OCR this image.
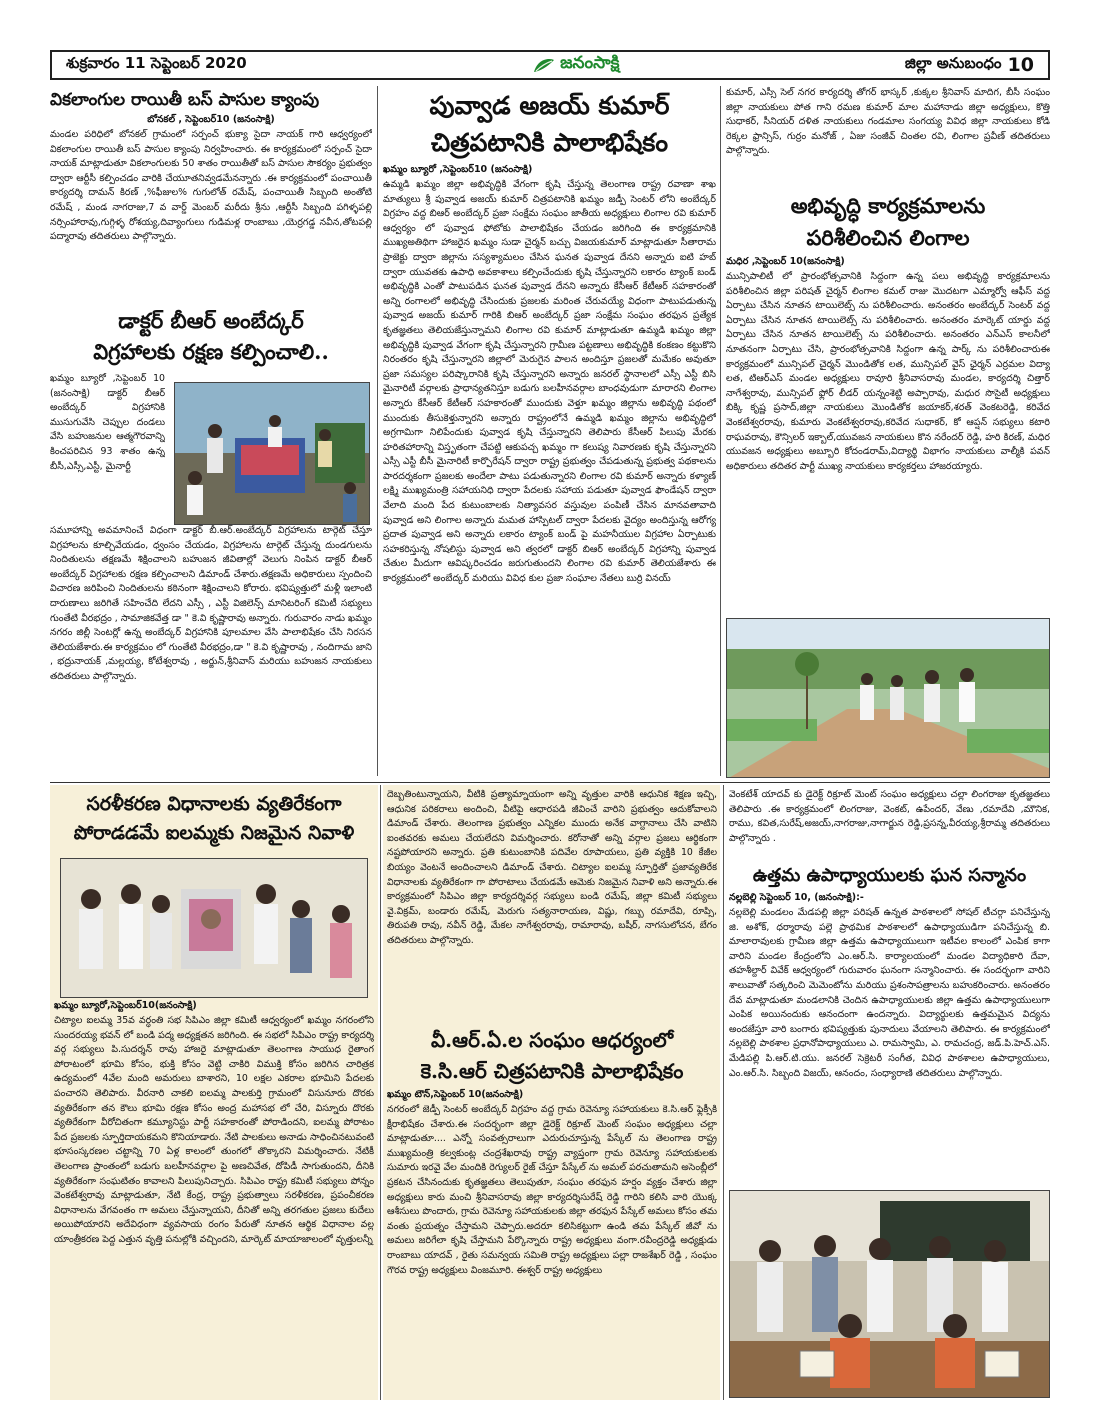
శుక్రవారం 11 సెప్టెంబర్ 2020	జనంసాక్షి	జిల్లా అనుబంధం 10
వికలాంగుల రాయితీ బస్ పాసుల క్యాంపు
బోనకల్ , సెప్టెంబర్10 (జనంసాక్షి)
మండల పరిధిలో బోనకల్ గ్రామంలో సర్పంచ్ భుక్యా సైదా నాయక్ గారి ఆధ్వర్యంలో వికలాంగుల రాయితీ బస్ పాసుల క్యాంపు నిర్వహించారు. ఈ కార్యక్రమంలో సర్పంచ్ సైదా నాయక్ మాట్లాడుతూ వికలాంగులకు 50 శాతం రాయితీతో బస్ పాసుల సౌకర్యం ప్రభుత్వం ద్వారా ఆర్టీసీ కల్పించడం వారికి చేయూతనివ్వడమేనన్నారు .ఈ కార్యక్రమంలో పంచాయితీ కార్యదర్శి దామన్ కిరణ్ ,%ఫీజుల% గుగులోత్ రమేష్, పంచాయితీ సిబ్బంది అంతోటి రమేష్ , మండ నాగరాజు,7 వ వార్డ్ మెంబర్ మరీదు శ్రీను ,ఆర్టీసీ సిబ్బంది పగిళ్ళపల్లి నర్సింహారావు,గుగ్గిళ్ళ రోశయ్య,దివ్యాంగులు గుడిమళ్ల రాంబాబు ,యెర్రగడ్డ నవీన,తోటపల్లి పద్మారావు తదితరులు పాల్గొన్నారు.
డాక్టర్ బీఆర్ అంబేద్కర్
విగ్రహాలకు రక్షణ కల్పించాలి..
ఖమ్మం బ్యూరో ,సెప్టెంబర్ 10 (జనంసాక్షి) డాక్టర్ బీఆర్ అంబేద్కర్ విగ్రహానికి ముసుగువేసి చెప్పుల దండలు వేసి బహుజనుల ఆత్మగౌరవాన్ని కించపరిచిన 93 శాతం ఉన్న బీసీ,ఎస్సీ,ఎస్టీ, మైనార్టీ
సమూహాన్ని అవమానించే విధంగా డాక్టర్ బీ.ఆర్.అంబేద్కర్ విగ్రహాలను టార్గెట్ చేస్తూ విగ్రహాలను కూల్చివేయడం, ధ్వంసం చేయడం, విగ్రహాలను టార్గెట్ చేస్తున్న దుండగులను నిందితులను తక్షణమే శిక్షించాలని బహుజన జీవితాల్లో వెలుగు నింపిన డాక్టర్ బీఆర్ అంబేద్కర్ విగ్రహాలకు రక్షణ కల్పించాలని డిమాండ్ చేశారు.తక్షణమే అధికారులు స్పందించి విచారణ జరిపించి నిందితులను కఠినంగా శిక్షించాలని కోరారు. భవిష్యత్తులో మళ్లీ ఇలాంటి దారుణాలు జరిగితే సహించేది లేదని ఎస్సీ , ఎస్టీ విజిలెన్స్ మానిటరింగ్ కమిటీ సభ్యులు గుంతేటి వీరభద్రం , సామాజికవేత్త డా " కె.వి కృష్ణారావు అన్నారు. గురువారం నాడు ఖమ్మం నగరం జిల్లీ సెంటర్లో ఉన్న అంబేద్కర్ విగ్రహానికి పూలమాల వేసి పాలాభిషేకం చేసి నిరసన తెలియజేశారు.ఈ కార్యక్రమం లో గుంతేటి వీరభద్రం,డా " కె.వి కృష్ణారావు , నందిగామ జాని , భద్రునాయక్ ,మల్లయ్య, కోటేశ్వరావు , అర్జున్,శ్రీనివాస్ మరియు బహుజన నాయకులు తదితరులు పాల్గొన్నారు.
పువ్వాడ అజయ్ కుమార్
చిత్రపటానికి పాలాభిషేకం
ఖమ్మం బ్యూరో ,సెప్టెంబర్10 (జనంసాక్షి)
ఉమ్మడి ఖమ్మం జిల్లా అభివృద్ధికి వేగంగా కృషి చేస్తున్న తెలంగాణ రాష్ట్ర రవాణా శాఖ మాత్యులు శ్రీ పువ్వాడ అజయ్ కుమార్ చిత్రపటానికి ఖమ్మం జడ్పీ సెంటర్ లోని అంబేద్కర్ విగ్రహం వద్ద బిఆర్ అంబేద్కర్ ప్రజా సంక్షేమ సంఘం జాతీయ అధ్యక్షులు లింగాల రవి కుమార్ ఆధ్వర్యం లో పువ్వాడ ఫోటోకు పాలాభిషేకం చేయడం జరిగింది ఈ కార్యక్రమానికి ముఖ్యఅతిథిగా హాజరైన ఖమ్మం సుడా చైర్మన్ బచ్చు విజయకుమార్ మాట్లాడుతూ సీతారామ ప్రాజెక్టు ద్వారా జిల్లాను సస్యశ్యామలం చేసిన ఘనత పువ్వాడ దేనని అన్నారు ఐటి హబ్ ద్వారా యువతకు ఉపాధి అవకాశాలు కల్పించేందుకు కృషి చేస్తున్నారని లకారం ట్యాంక్ బండ్ అభివృద్ధికి ఎంతో పాటుపడిన ఘనత పువ్వాడ దేనని అన్నారు కేసీఆర్ కేటీఆర్ సహకారంతో అన్ని రంగాలలో అభివృద్ధి చేసిందుకు ప్రజలకు మరింత చేరువయ్యే విధంగా పాటుపడుతున్న పువ్వాడ అజయ్ కుమార్ గారికి బిఆర్ అంబేద్కర్ ప్రజా సంక్షేమ సంఘం తరఫున ప్రత్యేక కృతజ్ఞతలు తెలియజేస్తున్నామని లింగాల రవి కుమార్ మాట్లాడుతూ ఉమ్మడి ఖమ్మం జిల్లా అభివృద్ధికి పువ్వాడ వేగంగా కృషి చేస్తున్నారని గ్రామీణ పట్టణాలు అభివృద్ధికి కంకణం కట్టుకొని నిరంతరం కృషి చేస్తున్నారని జిల్లాలో మెరుగైన పాలన అందిస్తూ ప్రజలతో మమేకం అవుతూ ప్రజా సమస్యల పరిష్కారానికి కృషి చేస్తున్నారని అన్నారు జనరల్ స్థానాలలో ఎస్సీ ఎస్టీ బిసి మైనారిటీ వర్గాలకు ప్రాధాన్యతనిస్తూ బడుగు బలహీనవర్గాల బాంధవుడుగా మారారని లింగాల అన్నారు కేసీఆర్ కేటీఆర్ సహకారంతో ముందుకు వెళ్తూ ఖమ్మం జిల్లాను అభివృద్ధి పథంలో ముందుకు తీసుకెళ్తున్నారని అన్నారు రాష్ట్రంలోనే ఉమ్మడి ఖమ్మం జిల్లాను అభివృద్ధిలో అగ్రగామిగా నిలిపేందుకు పువ్వాడ కృషి చేస్తున్నారని తెలిపారు కేసీఆర్ పిలుపు మేరకు హరితహారాన్ని విస్తృతంగా చేపట్టి ఆకుపచ్చ ఖమ్మం గా కలుష్య నివారణకు కృషి చేస్తున్నారని ఎస్సీ ఎస్టీ బీసీ మైనారిటీ కార్పొరేషన్ ద్వారా రాష్ట్ర ప్రభుత్వం చేపడుతున్న ప్రభుత్వ పథకాలను పారదర్శకంగా ప్రజలకు అందేలా పాటు పడుతున్నారని లింగాల రవి కుమార్ అన్నారు కళ్యాణ్ లక్ష్మి ముఖ్యమంత్రి సహాయనిధి ద్వారా పేదలకు సహాయ పడుతూ పువ్వాడ ఫౌండేషన్ ద్వారా వేలాది మంది పేద కుటుంబాలకు నిత్యావసర వస్తువుల పంపిణీ చేసిన మానవతావాది పువ్వాడ అని లింగాల అన్నారు మమత హాస్పిటల్ ద్వారా పేదలకు వైద్యం అందిస్తున్న ఆరోగ్య ప్రదాత పువ్వాడ అని అన్నారు లకారం ట్యాంక్ బండ్ పై మహనీయుల విగ్రహాల ఏర్పాటుకు సహకరిస్తున్న నోషలిస్టు పువ్వాడ అని త్వరలో డాక్టర్ బిఆర్ అంబేద్కర్ విగ్రహాన్ని పువ్వాడ చేతుల మీదుగా ఆవిష్కరించడం జరుగుతుందని లింగాల రవి కుమార్ తెలియజేశారు ఈ కార్యక్రమంలో అంబేద్కర్ మరియు వివిధ కుల ప్రజా సంఘాల నేతలు బుర్రి వినయ్
కుమార్, ఎస్సీ సెల్ నగర కార్యదర్శి తోగర్ భాస్కర్ ,కుక్కల శ్రీనివాస్ మాదిగ, బీసీ సంఘం జిల్లా నాయకులు పోత గాని రమణ కుమార్ మాల మహానాడు జిల్లా అధ్యక్షులు, కొత్తి సుధాకర్, సీనియర్ దళిత నాయకులు గండమాల సంగయ్య వివిధ జిల్లా నాయకులు కోడి రెక్కల ఫ్రాన్సిస్, గుర్రం మనోజ్ , ఏజు సంజీవ్ చింతల రవి, లింగాల ప్రవీణ్ తదితరులు పాల్గొన్నారు.
అభివృద్ధి కార్యక్రమాలను
పరిశీలించిన లింగాల
మధిర ,సెప్టెంబర్ 10(జనంసాక్షి)
మున్సిపాలిటీ లో ప్రారంభోత్సవానికి సిద్దంగా ఉన్న పలు అభివృద్ధి కార్యక్రమాలను పరిశీలించిన జిల్లా పరిషత్ చైర్మన్ లింగాల కమల్ రాజు మొదటగా ఎమ్మార్వో ఆఫీస్ వద్ద ఏర్పాటు చేసిన నూతన టాయిలెట్స్ ను పరిశీలించారు. అనంతరం అంబేద్కర్ సెంటర్ వద్ద ఏర్పాటు చేసిన నూతన టాయిలెట్స్ ను పరిశీలించారు. అనంతరం మార్కెట్ యార్డు వద్ద ఏర్పాటు చేసిన నూతన టాయిలెట్స్ ను పరిశీలించారు. అనంతరం ఎన్ఎస్ కాలనీలో నూతనంగా ఏర్పాటు చేసి, ప్రారంభోత్సవానికి సిద్దంగా ఉన్న పార్క్ ను పరిశీలించారుఈ కార్యక్రమంలో మున్సిపల్ చైర్మన్ మొండితోక లత, మున్సిపల్ వైస్ ఛైర్మన్ ఎర్రమల విద్యా లత, టిఆర్ఎస్ మండల అధ్యక్షులు రావూరి శ్రీనివాసరావు మండల, కార్యదర్శి చిత్తార్ నాగేశ్వరావు, మున్సిపల్ ఫ్లోర్ లీడర్ యన్నంశెట్టి అప్పారావు, మధుర సొసైటీ అధ్యక్షులు బిక్కి కృష్ణ ప్రసాద్,జిల్లా నాయకులు మొండితోక జయాకర్,శరత్ వెంకటరెడ్డి, కరివేద వెంకటేశ్వరరావు, కుమారు వెంకటేశ్వరరావు,కరివేద సుధాకర్, కో ఆప్షన్ సభ్యులు కటారి రాఘవరావు, కౌన్సిలర్ ఇక్బాల్,యువజన నాయకులు కొన నరేందర్ రెడ్డి, హరి కిరణ్, మధిర యువజన అధ్యక్షులు అబ్బూరి కోదండరామ్,విద్యార్థి విభాగం నాయకులు వాల్మీకి పవన్ అధికారులు తదితర పార్టీ ముఖ్య నాయకులు కార్యకర్తలు హాజరయ్యారు.
సరళీకరణ విధానాలకు వ్యతిరేకంగా
పోరాడడమే ఐలమ్మకు నిజమైన నివాళి
ఖమ్మం బ్యూరో,సెప్టెంబర్10(జనంసాక్షి)
చిట్యాల ఐలమ్మ 35వ వర్ధంతి సభ సిపిఎం జిల్లా కమిటీ ఆధ్వర్యంలో ఖమ్మం నగరంలోని సుందరయ్య భవన్ లో బండి పద్మ అధ్యక్షతన జరిగింది. ఈ సభలో సిపిఎం రాష్ట్ర కార్యదర్శి వర్గ సభ్యులు పి.సుదర్శన్ రావు హాజరై మాట్లాడుతూ తెలంగాణ సాయుధ రైతాంగ పోరాటంలో భూమి కోసం, భుక్తి కోసం వెట్టి చాకిరి విముక్తి కోసం జరిగిన చారిత్రక ఉద్యమంలో 4వేల మంది అమరులు బాశారని, 10 లక్షల ఎకరాల భూమిని పేదలకు పంచారని తెలిపారు. వీరనారి చాకలి ఐలమ్మ పాలకుర్తి గ్రామంలో విసునూరు దొరకు వ్యతిరేకంగా తన కౌలు భూమి రక్షణ కోసం అంద్ర మహాసభ లో చేరి, విస్నూరు దొరకు వ్యతిరేకంగా వీరోచితంగా కమ్యూనిస్టు పార్టీ సహకారంతో పోరాడిందని, ఐలమ్మ పోరాటం పేద ప్రజలకు స్ఫూర్తిదాయకమని కొనియాడారు. నేటి పాలకులు అనాడు సాధించినటువంటి భూసంస్కరణల చట్టాన్ని 70 ఏళ్ల కాలంలో తుంగలో తొక్కారని విమర్శించారు. నేటికీ తెలంగాణ ప్రాంతంలో బడుగు బలహీనవర్గాల పై అణచివేత, దోపిడీ సాగుతుందని, దీనికి వ్యతిరేకంగా సంఘటితం కావాలని పిలుపునిచ్చారు. సిపిఎం రాష్ట్ర కమిటీ సభ్యులు పోన్నం వెంకటేశ్వరావు మాట్లాడుతూ, నేటి కేంద్ర, రాష్ట్ర ప్రభుత్వాలు సరళీకరణ, ప్రపంచీకరణ విధానాలను వేగవంతం గా అమలు చేస్తున్నాయని, దీనితో అన్ని తరగతుల ప్రజలు కుదేలు అయిపోయారని అదేవిధంగా వ్యవసాయ రంగం పేరుతో నూతన ఆర్థిక విధానాల వల్ల యాంత్రీకరణ పెద్ద ఎత్తున వృత్తి పనుల్లోకి వచ్చిందని, మార్కెట్ మాయాజాలంలో వృత్తులన్నీ
దెబ్బతింటున్నాయని, వీటికి ప్రత్యామ్నాయంగా అన్ని వృత్తుల వారికి ఆధునిక శిక్షణ ఇచ్చి, ఆధునిక పరికరాలు అందించి, వీటిపై ఆధారపడి జీవించే వారిని ప్రభుత్వం ఆదుకోవాలని డిమాండ్ చేశారు. తెలంగాణ ప్రభుత్వం ఎన్నికల ముందు అనేక వాగ్దానాలు చేసి వాటిని ఐంతవరకు అమలు చేయలేదని విమర్శించారు. కరోనాతో అన్ని వర్గాల ప్రజలు ఆర్థికంగా నష్టపోయారని అన్నారు. ప్రతి కుటుంబానికి పదివేల రూపాయలు, ప్రతి వ్యక్తికి 10 కేజీల బియ్యం వెంటనే అందించాలని డిమాండ్ చేశారు. చిట్యాల ఐలమ్మ స్ఫూర్తితో ప్రజావ్యతిరేక విధానాలకు వ్యతిరేకంగా గా పోరాటాలు చేయడమే ఆమెకు నిజమైన నివాళి అని అన్నారు.ఈ కార్యక్రమంలో సిపిఎం జిల్లా కార్యదర్శివర్గ సభ్యులు బండి రమేష్, జిల్లా కమిటీ సభ్యులు వై.విక్రమ్, బండారు రమేష్, మెరుగు సత్యనారాయణ, విష్ణు, గబ్బు రమాదేవి, రూప్సి, తిరుపతి రావు, నవీన్ రెడ్డి, మేకల నాగేశ్వరరావు, రామారావు, బషీర్, నాగసులోచన, బేగం తదితరులు పాల్గొన్నారు.
వీ.ఆర్.ఏ.ల సంఘం ఆధర్యంలో
కె.సి.ఆర్ చిత్రపటానికి పాలాభిషేకం
ఖమ్మం టౌన్,సెప్టెంబర్ 10(జనంసాక్షి)
నగరంలో జెడ్పీ సెంటర్ అంబేద్కర్ విగ్రహం వద్ద గ్రామ రెవెన్యూ సహాయకులు కె.సి.ఆర్ ఫ్లెక్సీకి క్షీరాభిషేకం చేశారు.ఈ సందర్భంగా జిల్లా డైరెక్ట్ రిక్రూట్ మెంట్ సంఘం అధ్యక్షులు చల్లా మాట్లాడుతూ.... ఎన్నో సంవత్సరాలుగా ఎదురుచూస్తున్న పేస్కేల్ ను తెలంగాణ రాష్ట్ర ముఖ్యమంత్రి కల్వకుంట్ల చంద్రశేఖరావు రాష్ట్ర వ్యాప్తంగా గ్రామ రెవెన్యూ సహాయకులకు సుమారు ఇరవై వేల మందికి రెగ్యులర్ రైజ్ చేస్తూ పేస్కేల్ ను అమల్ పరచుతామని అసెంబ్లీలో ప్రకటన చేసినందుకు కృతజ్ఞతలు తెలుపుతూ, సంఘం తరఫున హర్షం వ్యక్తం చేశారు జిల్లా అధ్యక్షులు కారు మంచి శ్రీనివాసరావు జిల్లా కార్యదర్శిసురేష్ రెడ్డి గారిని కలిసి వారి యొక్క ఆశీసులు పొందారు, గ్రామ రెవెన్యూ సహాయకులకు జిల్లా తరఫున పేస్కేల్ అమలు కోసం తమ వంతు ప్రయత్నం చేస్తామని చెప్పారు.అదరూ కలిసికట్టుగా ఉండి తమ పేస్కేల్ జీవో ను అమలు జరిగేలా కృషి చేస్తామని పేర్కొన్నారు రాష్ట్ర అధ్యక్షులు వంగా.రవీంద్రరెడ్డి అధ్యక్షుడు రాంబాబు యాదవ్ , రైతు సమన్వయ సమితి రాష్ట్ర అధ్యక్షులు పల్లా రాజశేఖర్ రెడ్డి , సంఘం గౌరవ రాష్ట్ర అధ్యక్షులు వింజమూరి. ఈశ్వర్ రాష్ట్ర అధ్యక్షులు
వెంకటేశ్ యాదవ్ కు డైరెక్ట్ రిక్రూట్ మెంట్ సంఘం అధ్యక్షులు చల్లా లింగరాజు కృతజ్ఞతలు తెలిపారు .ఈ కార్యక్రమంలో లింగరాజు, వెంకట్, ఉపేందర్, వేణు ,రమాదేవి ,మౌనిక, రాము, కవిత,సురేష్,అజయ్,నాగరాజు,నాగార్జున రెడ్డి,ప్రసన్న,వీరయ్య,శ్రీరామ్మ తదితరులు పాల్గొన్నారు .
ఉత్తమ ఉపాధ్యాయులకు ఘన సన్మానం
నల్లబెల్లి సెప్టెంబర్ 10, (జనంసాక్షి):-
నల్లబెల్లి మండలం మేడపల్లి జిల్లా పరిషత్ ఉన్నత పాఠశాలలో సోషల్ టీచర్గా పనిచేస్తున్న జి. అశోక్, ధర్మారావు పల్లె ప్రాథమిక పాఠశాలలో ఉపాధ్యాయుడిగా పనిచేస్తున్న బి. మాలారావులకు గ్రామీణ జిల్లా ఉత్తమ ఉపాధ్యాయులుగా ఇటీవల కాలంలో ఎంపిక కాగా వారిని మండల కేంద్రంలోని ఎం.ఆర్.సి. కార్యాలయంలో మండల విద్యాధికారి దేవా, తహశీల్దార్ వివేక్ ఆధ్వర్యంలో గురువారం ఘనంగా సన్మానించారు. ఈ సందర్భంగా వారిని శాలువాతో సత్కరించి మెమెంటోను మరియు ప్రశంసాపత్రాలను బహుకరించారు. అనంతరం దేవ మాట్లాడుతూ మండలానికి చెందిన ఉపాధ్యాయులకు జిల్లా ఉత్తమ ఉపాధ్యాయులుగా ఎంపిక అయినందుకు ఆనందంగా ఉందన్నారు. విద్యార్థులకు ఉత్తమమైన విద్యను అందజేస్తూ వారి బంగారు భవిష్యత్తుకు పునాదులు వేయాలని తెలిపారు. ఈ కార్యక్రమంలో నల్లబెల్లి పాఠశాల ప్రధానోపాధ్యాయులు ఎ. రామస్వామి, ఎ. రామచంద్ర, జడ్.పి.హెచ్.ఎస్. మేడిపల్లి పి.ఆర్.టి.యు. జనరల్ సెక్రెటరీ సంగీత, వివిధ పాఠశాలల ఉపాధ్యాయులు, ఎం.ఆర్.సి. సిబ్బంది విజయ్, ఆనందం, సంధ్యారాణి తదితరులు పాల్గొన్నారు.
